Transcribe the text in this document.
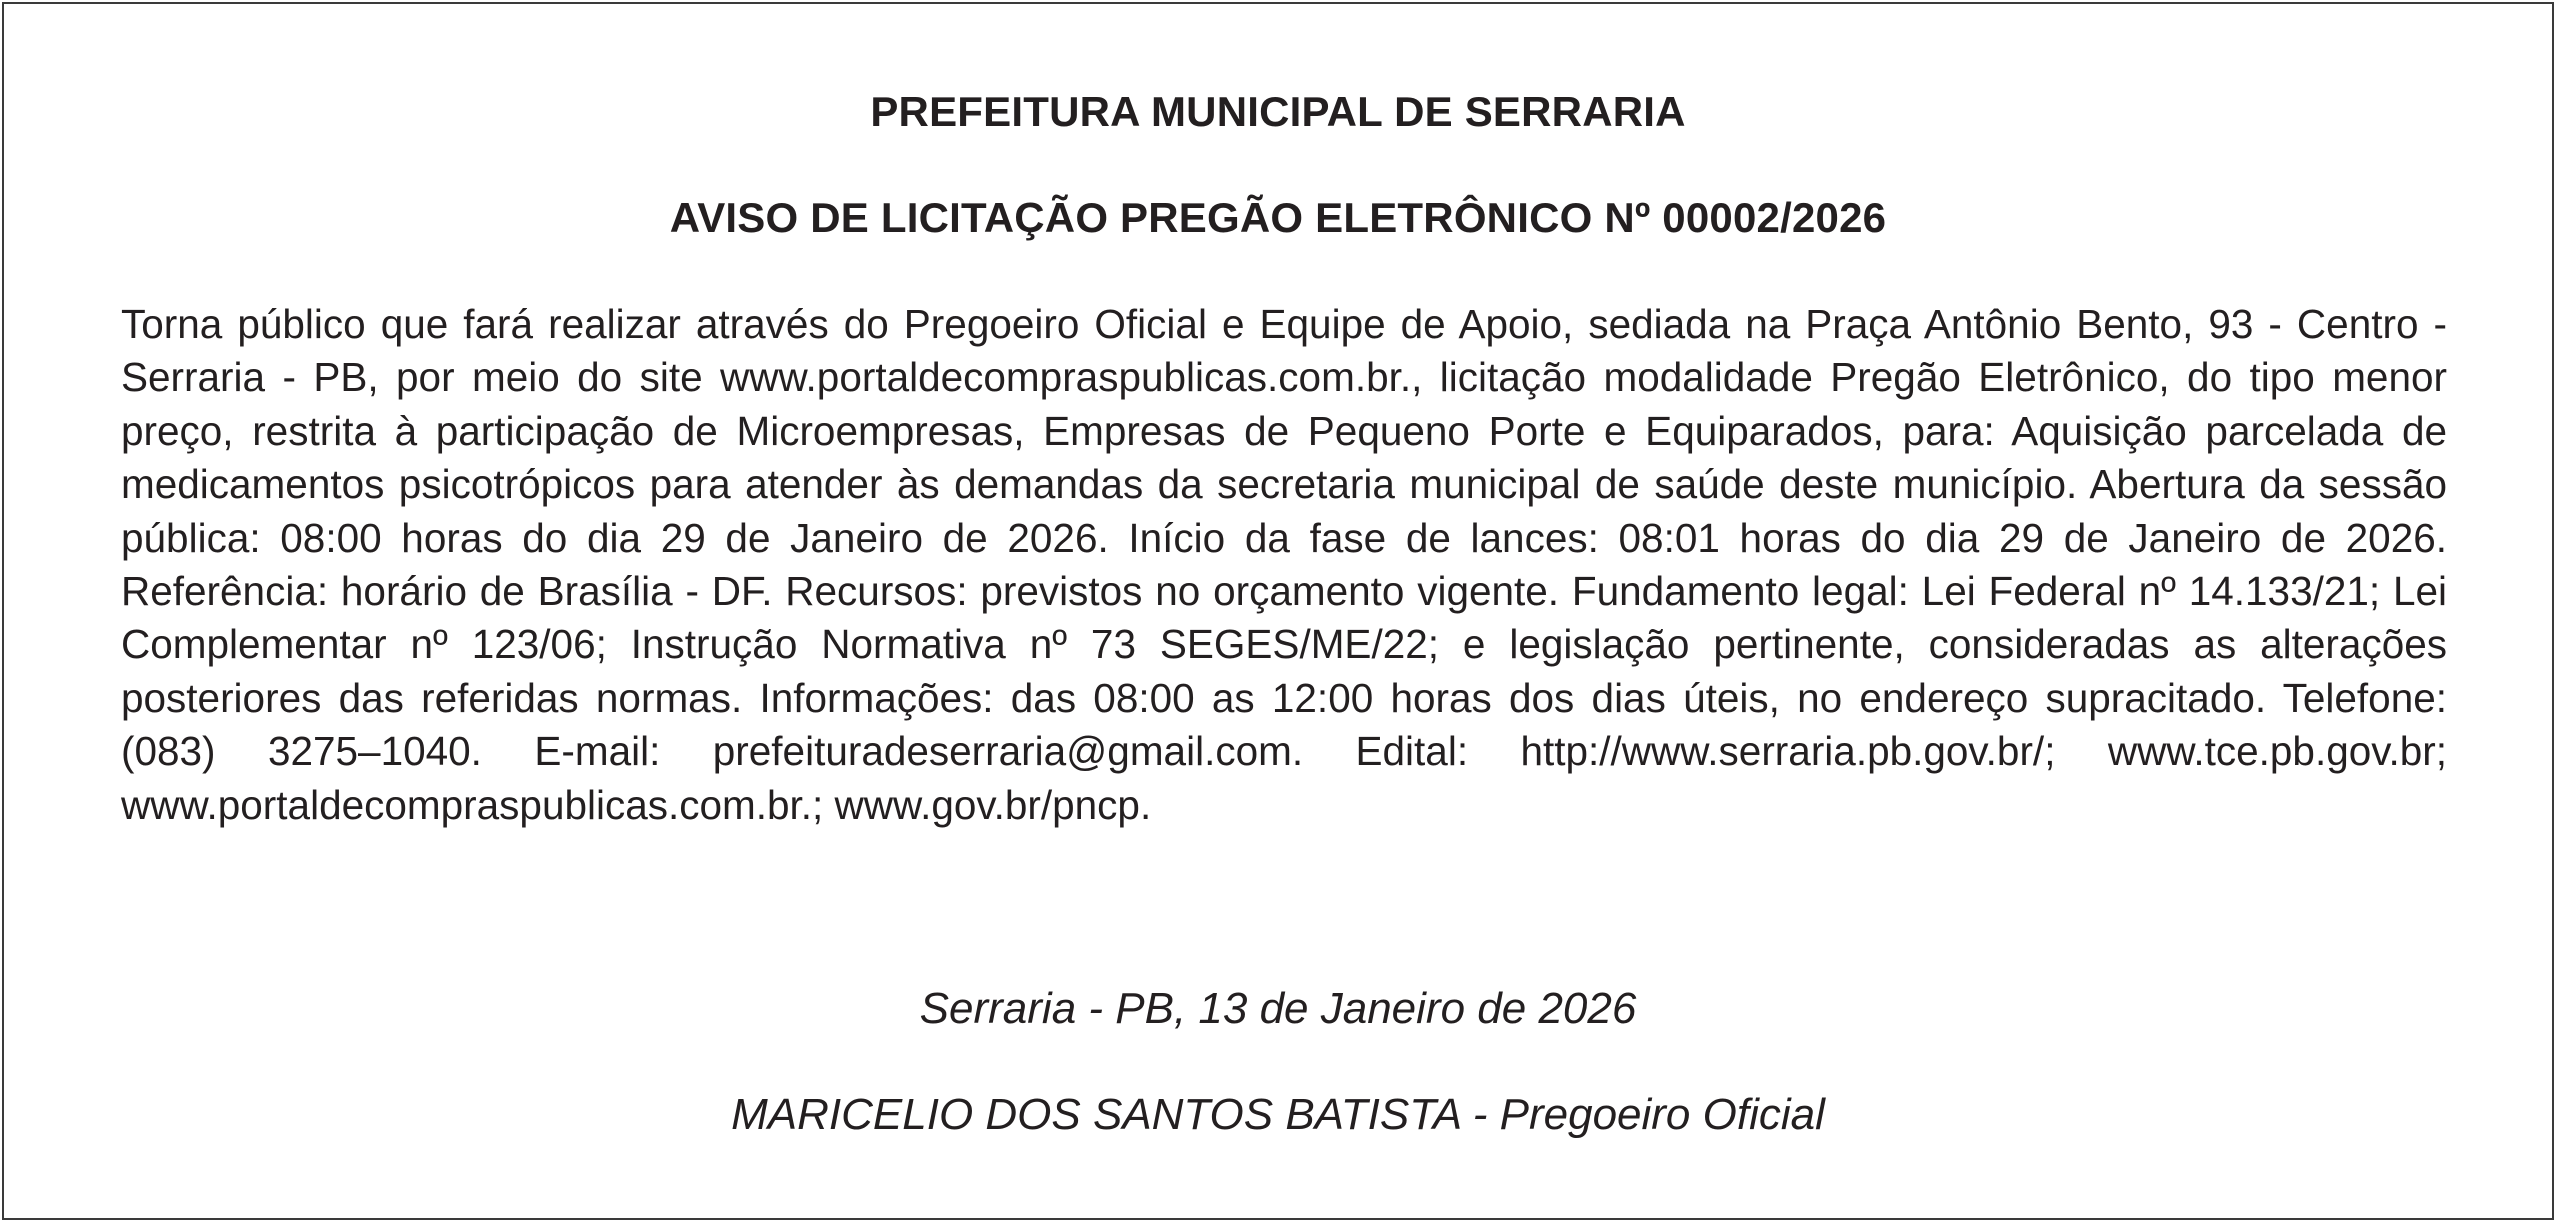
PREFEITURA MUNICIPAL DE SERRARIA
AVISO DE LICITAÇÃO PREGÃO ELETRÔNICO Nº 00002/2026
Torna público que fará realizar através do Pregoeiro Oficial e Equipe de Apoio, sediada na Praça Antônio Bento, 93 - Centro - Serraria - PB, por meio do site www.portaldecompraspublicas.com.br., licitação modalidade Pregão Eletrônico, do tipo menor preço, restrita à participação de Microempresas, Empresas de Pequeno Porte e Equiparados, para: Aquisição parcelada de medicamentos psicotrópicos para atender às demandas da secretaria municipal de saúde deste município. Abertura da sessão pública: 08:00 horas do dia 29 de Janeiro de 2026. Início da fase de lances: 08:01 horas do dia 29 de Janeiro de 2026. Referência: horário de Brasília - DF. Recursos: previstos no orçamento vigente. Fundamento legal: Lei Federal nº 14.133/21; Lei Complementar nº 123/06; Instrução Normativa nº 73 SEGES/ME/22; e legislação pertinente, consideradas as alterações posteriores das referidas normas. Informações: das 08:00 as 12:00 horas dos dias úteis, no endereço supracitado. Telefone: (083) 3275–1040. E-mail: prefeituradeserraria@gmail.com. Edital: http://www.serraria.pb.gov.br/; www.tce.pb.gov.br; www.portaldecompraspublicas.com.br.; www.gov.br/pncp.
Serraria - PB, 13 de Janeiro de 2026
MARICELIO DOS SANTOS BATISTA - Pregoeiro Oficial
